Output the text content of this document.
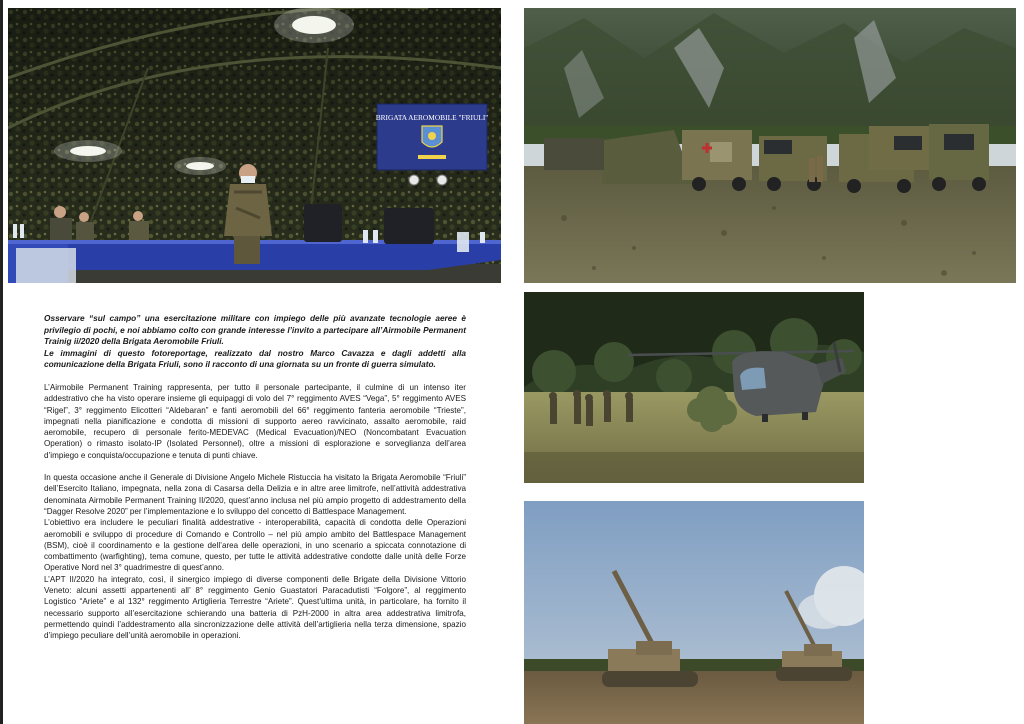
BRIGATA AEROMOBILE "FRIULI"

Osservare “sul campo” una esercitazione militare con impiego delle più avanzate tecnologie aeree è privilegio di pochi, e noi abbiamo colto con grande interesse l’invito a partecipare all’Airmobile Permanent Trainig ii/2020 della Brigata Aeromobile Friuli.

Le immagini di questo fotoreportage, realizzato dal nostro Marco Cavazza e dagli addetti alla comunicazione della Brigata Friuli, sono il racconto di una giornata su un fronte di guerra simulato.

L’Airmobile Permanent Training rappresenta, per tutto il personale partecipante, il culmine di un intenso iter addestrativo che ha visto operare insieme gli equipaggi di volo del 7° reggimento AVES “Vega”, 5° reggimento AVES “Rigel”, 3° reggimento Elicotteri “Aldebaran” e fanti aeromobili del 66° reggimento fanteria aeromobile “Trieste”, impegnati nella pianificazione e condotta di missioni di supporto aereo ravvicinato, assalto aeromobile, raid aeromobile, recupero di personale ferito-MEDEVAC (Medical Evacuation)/NEO (Noncombatant Evacuation Operation) o rimasto isolato-IP (Isolated Personnel), oltre a missioni di esplorazione e sorveglianza dell’area d’impiego e conquista/occupazione e tenuta di punti chiave.

In questa occasione anche il Generale di Divisione Angelo Michele Ristuccia ha visitato la Brigata Aeromobile “Friuli” dell’Esercito Italiano, impegnata, nella zona di Casarsa della Delizia e in altre aree limitrofe, nell’attività addestrativa denominata Airmobile Permanent Training II/2020, quest’anno inclusa nel più ampio progetto di addestramento della “Dagger Resolve 2020” per l’implementazione e lo sviluppo del concetto di Battlespace Management.

L’obiettivo era includere le peculiari finalità addestrative - interoperabilità, capacità di condotta delle Operazioni aeromobili e sviluppo di procedure di Comando e Controllo – nel più ampio ambito del Battlespace Management (BSM), cioè il coordinamento e la gestione dell’area delle operazioni, in uno scenario a spiccata connotazione di combattimento (warfighting), tema comune, questo, per tutte le attività addestrative condotte dalle unità delle Forze Operative Nord nel 3° quadrimestre di quest’anno.

L’APT II/2020 ha integrato, così, il sinergico impiego di diverse componenti delle Brigate della Divisione Vittorio Veneto: alcuni assetti appartenenti all’ 8° reggimento Genio Guastatori Paracadutisti “Folgore”, al reggimento Logistico “Ariete” e al 132° reggimento Artiglieria Terrestre “Ariete”. Quest’ultima unità, in particolare, ha fornito il necessario supporto all’esercitazione schierando una batteria di PzH-2000 in altra area addestrativa limitrofa, permettendo quindi l’addestramento alla sincronizzazione delle attività dell’artiglieria nella terza dimensione, spazio d’impiego peculiare dell’unità aeromobile in operazioni.
